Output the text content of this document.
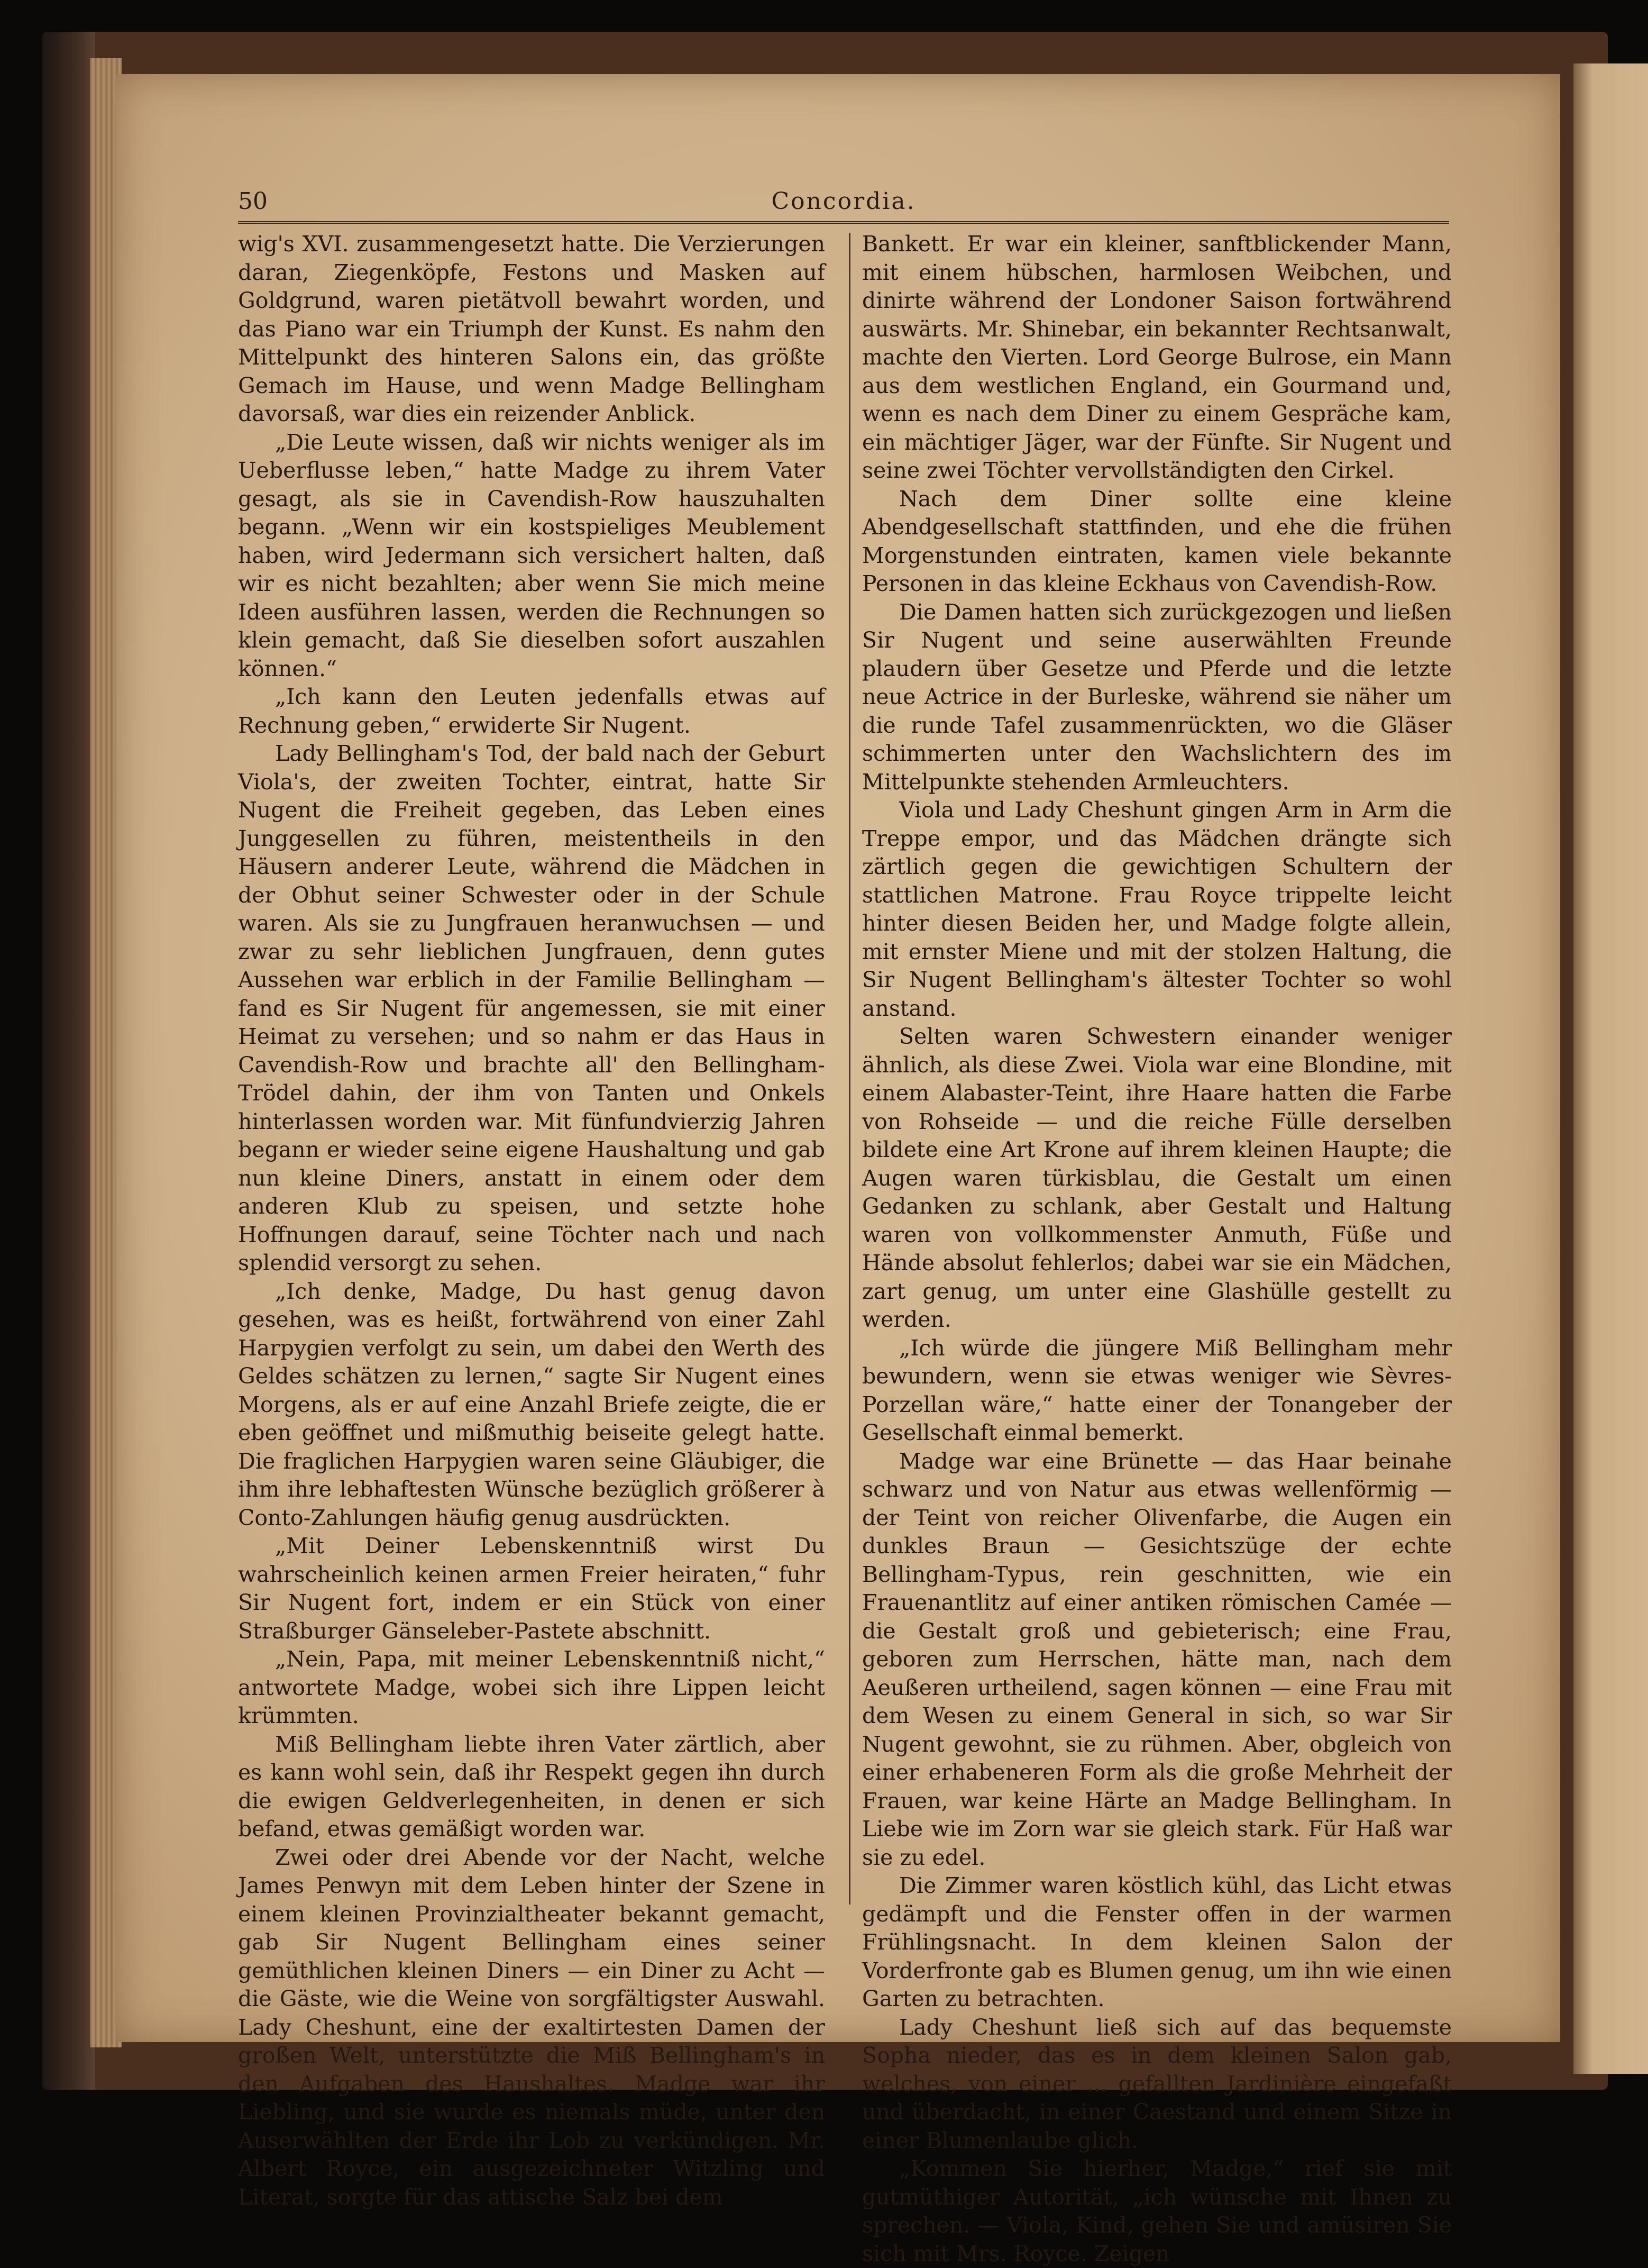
50	Concordia.

wig's XVI. zusammengesetzt hatte. Die Verzierungen daran, Ziegenköpfe, Festons und Masken auf Goldgrund, waren pietätvoll bewahrt worden, und das Piano war ein Triumph der Kunst. Es nahm den Mittelpunkt des hinteren Salons ein, das größte Gemach im Hause, und wenn Madge Bellingham davorsaß, war dies ein reizender Anblick.

„Die Leute wissen, daß wir nichts weniger als im Ueberflusse leben,“ hatte Madge zu ihrem Vater gesagt, als sie in Cavendish-Row hauszuhalten begann. „Wenn wir ein kostspieliges Meublement haben, wird Jedermann sich versichert halten, daß wir es nicht bezahlten; aber wenn Sie mich meine Ideen ausführen lassen, werden die Rechnungen so klein gemacht, daß Sie dieselben sofort auszahlen können.“

„Ich kann den Leuten jedenfalls etwas auf Rechnung geben,“ erwiderte Sir Nugent.

Lady Bellingham's Tod, der bald nach der Geburt Viola's, der zweiten Tochter, eintrat, hatte Sir Nugent die Freiheit gegeben, das Leben eines Junggesellen zu führen, meistentheils in den Häusern anderer Leute, während die Mädchen in der Obhut seiner Schwester oder in der Schule waren. Als sie zu Jungfrauen heranwuchsen — und zwar zu sehr lieblichen Jungfrauen, denn gutes Aussehen war erblich in der Familie Bellingham — fand es Sir Nugent für angemessen, sie mit einer Heimat zu versehen; und so nahm er das Haus in Cavendish-Row und brachte all' den Bellingham-Trödel dahin, der ihm von Tanten und Onkels hinterlassen worden war. Mit fünfundvierzig Jahren begann er wieder seine eigene Haushaltung und gab nun kleine Diners, anstatt in einem oder dem anderen Klub zu speisen, und setzte hohe Hoffnungen darauf, seine Töchter nach und nach splendid versorgt zu sehen.

„Ich denke, Madge, Du hast genug davon gesehen, was es heißt, fortwährend von einer Zahl Harpygien verfolgt zu sein, um dabei den Werth des Geldes schätzen zu lernen,“ sagte Sir Nugent eines Morgens, als er auf eine Anzahl Briefe zeigte, die er eben geöffnet und mißmuthig beiseite gelegt hatte. Die fraglichen Harpygien waren seine Gläubiger, die ihm ihre lebhaftesten Wünsche bezüglich größerer à Conto-Zahlungen häufig genug ausdrückten.

„Mit Deiner Lebenskenntniß wirst Du wahrscheinlich keinen armen Freier heiraten,“ fuhr Sir Nugent fort, indem er ein Stück von einer Straßburger Gänseleber-Pastete abschnitt.

„Nein, Papa, mit meiner Lebenskenntniß nicht,“ antwortete Madge, wobei sich ihre Lippen leicht krümmten.

Miß Bellingham liebte ihren Vater zärtlich, aber es kann wohl sein, daß ihr Respekt gegen ihn durch die ewigen Geldverlegenheiten, in denen er sich befand, etwas gemäßigt worden war.

Zwei oder drei Abende vor der Nacht, welche James Penwyn mit dem Leben hinter der Szene in einem kleinen Provinzialtheater bekannt gemacht, gab Sir Nugent Bellingham eines seiner gemüthlichen kleinen Diners — ein Diner zu Acht — die Gäste, wie die Weine von sorgfältigster Auswahl. Lady Cheshunt, eine der exaltirtesten Damen der großen Welt, unterstützte die Miß Bellingham's in den Aufgaben des Haushaltes. Madge war ihr Liebling, und sie wurde es niemals müde, unter den Auserwählten der Erde ihr Lob zu verkündigen. Mr. Albert Royce, ein ausgezeichneter Witzling und Literat, sorgte für das attische Salz bei dem

Bankett. Er war ein kleiner, sanftblickender Mann, mit einem hübschen, harmlosen Weibchen, und dinirte während der Londoner Saison fortwährend auswärts. Mr. Shinebar, ein bekannter Rechtsanwalt, machte den Vierten. Lord George Bulrose, ein Mann aus dem westlichen England, ein Gourmand und, wenn es nach dem Diner zu einem Gespräche kam, ein mächtiger Jäger, war der Fünfte. Sir Nugent und seine zwei Töchter vervollständigten den Cirkel.

Nach dem Diner sollte eine kleine Abendgesellschaft stattfinden, und ehe die frühen Morgenstunden eintraten, kamen viele bekannte Personen in das kleine Eckhaus von Cavendish-Row.

Die Damen hatten sich zurückgezogen und ließen Sir Nugent und seine auserwählten Freunde plaudern über Gesetze und Pferde und die letzte neue Actrice in der Burleske, während sie näher um die runde Tafel zusammenrückten, wo die Gläser schimmerten unter den Wachslichtern des im Mittelpunkte stehenden Armleuchters.

Viola und Lady Cheshunt gingen Arm in Arm die Treppe empor, und das Mädchen drängte sich zärtlich gegen die gewichtigen Schultern der stattlichen Matrone. Frau Royce trippelte leicht hinter diesen Beiden her, und Madge folgte allein, mit ernster Miene und mit der stolzen Haltung, die Sir Nugent Bellingham's ältester Tochter so wohl anstand.

Selten waren Schwestern einander weniger ähnlich, als diese Zwei. Viola war eine Blondine, mit einem Alabaster-Teint, ihre Haare hatten die Farbe von Rohseide — und die reiche Fülle derselben bildete eine Art Krone auf ihrem kleinen Haupte; die Augen waren türkisblau, die Gestalt um einen Gedanken zu schlank, aber Gestalt und Haltung waren von vollkommenster Anmuth, Füße und Hände absolut fehlerlos; dabei war sie ein Mädchen, zart genug, um unter eine Glashülle gestellt zu werden.

„Ich würde die jüngere Miß Bellingham mehr bewundern, wenn sie etwas weniger wie Sèvres-Porzellan wäre,“ hatte einer der Tonangeber der Gesellschaft einmal bemerkt.

Madge war eine Brünette — das Haar beinahe schwarz und von Natur aus etwas wellenförmig — der Teint von reicher Olivenfarbe, die Augen ein dunkles Braun — Gesichtszüge der echte Bellingham-Typus, rein geschnitten, wie ein Frauenantlitz auf einer antiken römischen Camée — die Gestalt groß und gebieterisch; eine Frau, geboren zum Herrschen, hätte man, nach dem Aeußeren urtheilend, sagen können — eine Frau mit dem Wesen zu einem General in sich, so war Sir Nugent gewohnt, sie zu rühmen. Aber, obgleich von einer erhabeneren Form als die große Mehrheit der Frauen, war keine Härte an Madge Bellingham. In Liebe wie im Zorn war sie gleich stark. Für Haß war sie zu edel.

Die Zimmer waren köstlich kühl, das Licht etwas gedämpft und die Fenster offen in der warmen Frühlingsnacht. In dem kleinen Salon der Vorderfronte gab es Blumen genug, um ihn wie einen Garten zu betrachten.

Lady Cheshunt ließ sich auf das bequemste Sopha nieder, das es in dem kleinen Salon gab, welches, von einer ... gefallten Jardinière eingefaßt und überdacht, in einer Caestand und einem Sitze in einer Blumenlaube glich.

„Kommen Sie hierher, Madge,“ rief sie mit gutmüthiger Autorität, „ich wünsche mit Ihnen zu sprechen. — Viola, Kind, gehen Sie und amüsiren Sie sich mit Mrs. Royce. Zeigen
